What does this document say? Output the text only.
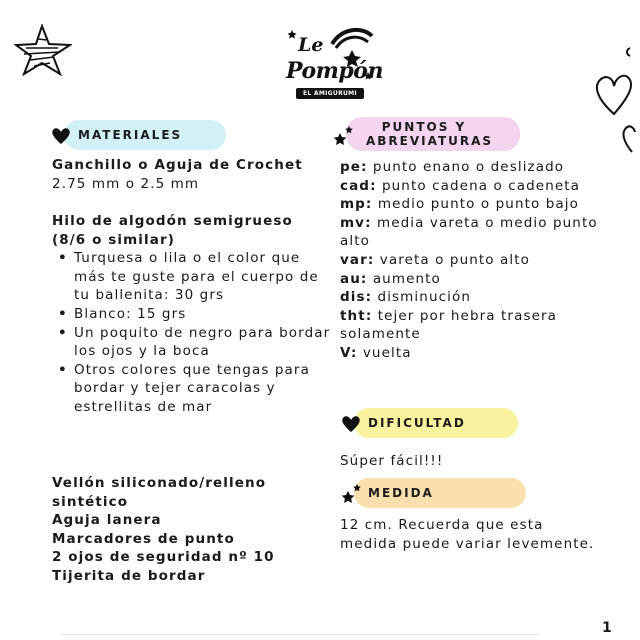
Le
Pompón
EL AMIGURUMI
MATERIALES
PUNTOS Y
ABREVIATURAS
Ganchillo o Aguja de Crochet
2.75 mm o 2.5 mm
Hilo de algodón semigrueso
(8/6 o similar)
• Turquesa o lila o el color que más te guste para el cuerpo de tu ballenita: 30 grs
• Blanco: 15 grs
• Un poquito de negro para bordar los ojos y la boca
• Otros colores que tengas para bordar y tejer caracolas y estrellitas de mar
Vellón siliconado/relleno sintético
Aguja lanera
Marcadores de punto
2 ojos de seguridad nº 10
Tijerita de bordar
pe: punto enano o deslizado
cad: punto cadena o cadeneta
mp: medio punto o punto bajo
mv: media vareta o medio punto alto
var: vareta o punto alto
au: aumento
dis: disminución
tht: tejer por hebra trasera solamente
V: vuelta
DIFICULTAD
Súper fácil!!!
MEDIDA
12 cm. Recuerda que esta medida puede variar levemente.
1
